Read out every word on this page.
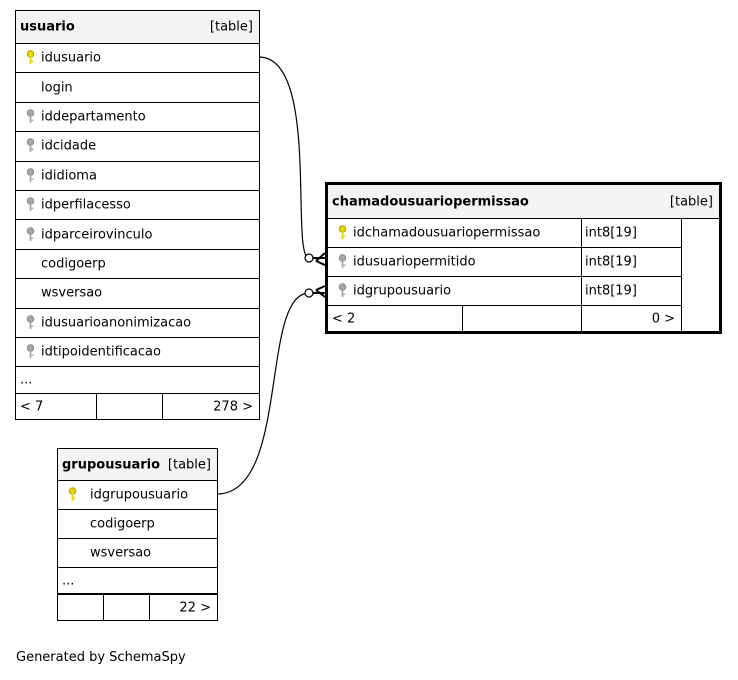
usuario	[table]
idusuario
login
iddepartamento
idcidade
ididioma
idperfilacesso
idparceirovinculo
codigoerp
wsversao
idusuarioanonimizacao
idtipoidentificacao
...
< 7	278 >
chamadousuariopermissao	[table]
idchamadousuariopermissao	int8[19]
idusuariopermitido	int8[19]
idgrupousuario	int8[19]
< 2	0 >
grupousuario [table]
idgrupousuario
codigoerp
wsversao
...
22 >
Generated by SchemaSpy
